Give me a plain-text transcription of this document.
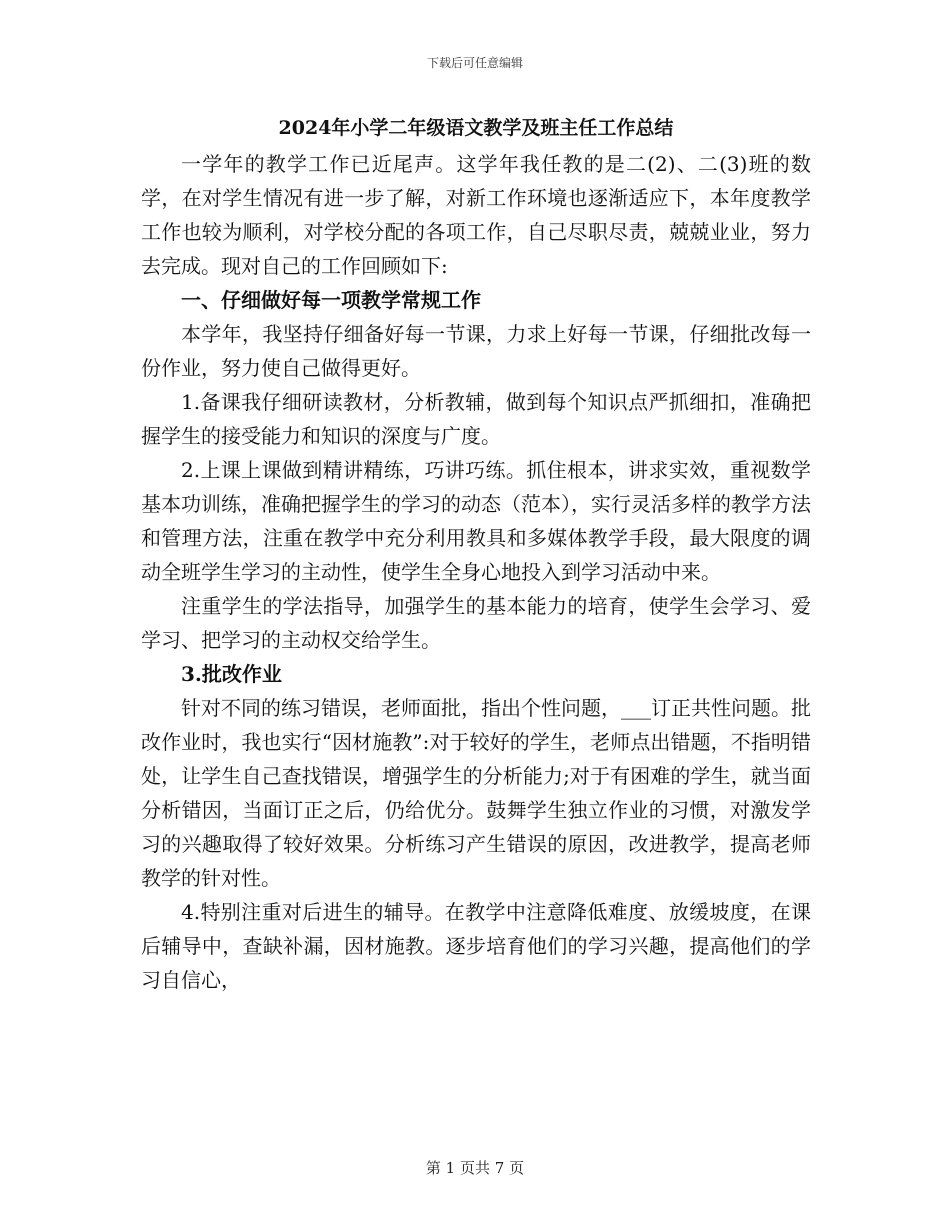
下载后可任意编辑
2024年小学二年级语文教学及班主任工作总结

一学年的教学工作已近尾声。这学年我任教的是二(2)、二(3)班的数学，在对学生情况有进一步了解，对新工作环境也逐渐适应下，本年度教学工作也较为顺利，对学校分配的各项工作，自己尽职尽责，兢兢业业，努力去完成。现对自己的工作回顾如下:

一、仔细做好每一项教学常规工作

本学年，我坚持仔细备好每一节课，力求上好每一节课，仔细批改每一份作业，努力使自己做得更好。

1.备课我仔细研读教材，分析教辅，做到每个知识点严抓细扣，准确把握学生的接受能力和知识的深度与广度。

2.上课上课做到精讲精练，巧讲巧练。抓住根本，讲求实效，重视数学基本功训练，准确把握学生的学习的动态（范本），实行灵活多样的教学方法和管理方法，注重在教学中充分利用教具和多媒体教学手段，最大限度的调动全班学生学习的主动性，使学生全身心地投入到学习活动中来。

注重学生的学法指导，加强学生的基本能力的培育，使学生会学习、爱学习、把学习的主动权交给学生。

3.批改作业

针对不同的练习错误，老师面批，指出个性问题，___订正共性问题。批改作业时，我也实行“因材施教”:对于较好的学生，老师点出错题，不指明错处，让学生自己查找错误，增强学生的分析能力;对于有困难的学生，就当面分析错因，当面订正之后，仍给优分。鼓舞学生独立作业的习惯，对激发学习的兴趣取得了较好效果。分析练习产生错误的原因，改进教学，提高老师教学的针对性。

4.特别注重对后进生的辅导。在教学中注意降低难度、放缓坡度，在课后辅导中，查缺补漏，因材施教。逐步培育他们的学习兴趣，提高他们的学习自信心，

第 1 页共 7 页
